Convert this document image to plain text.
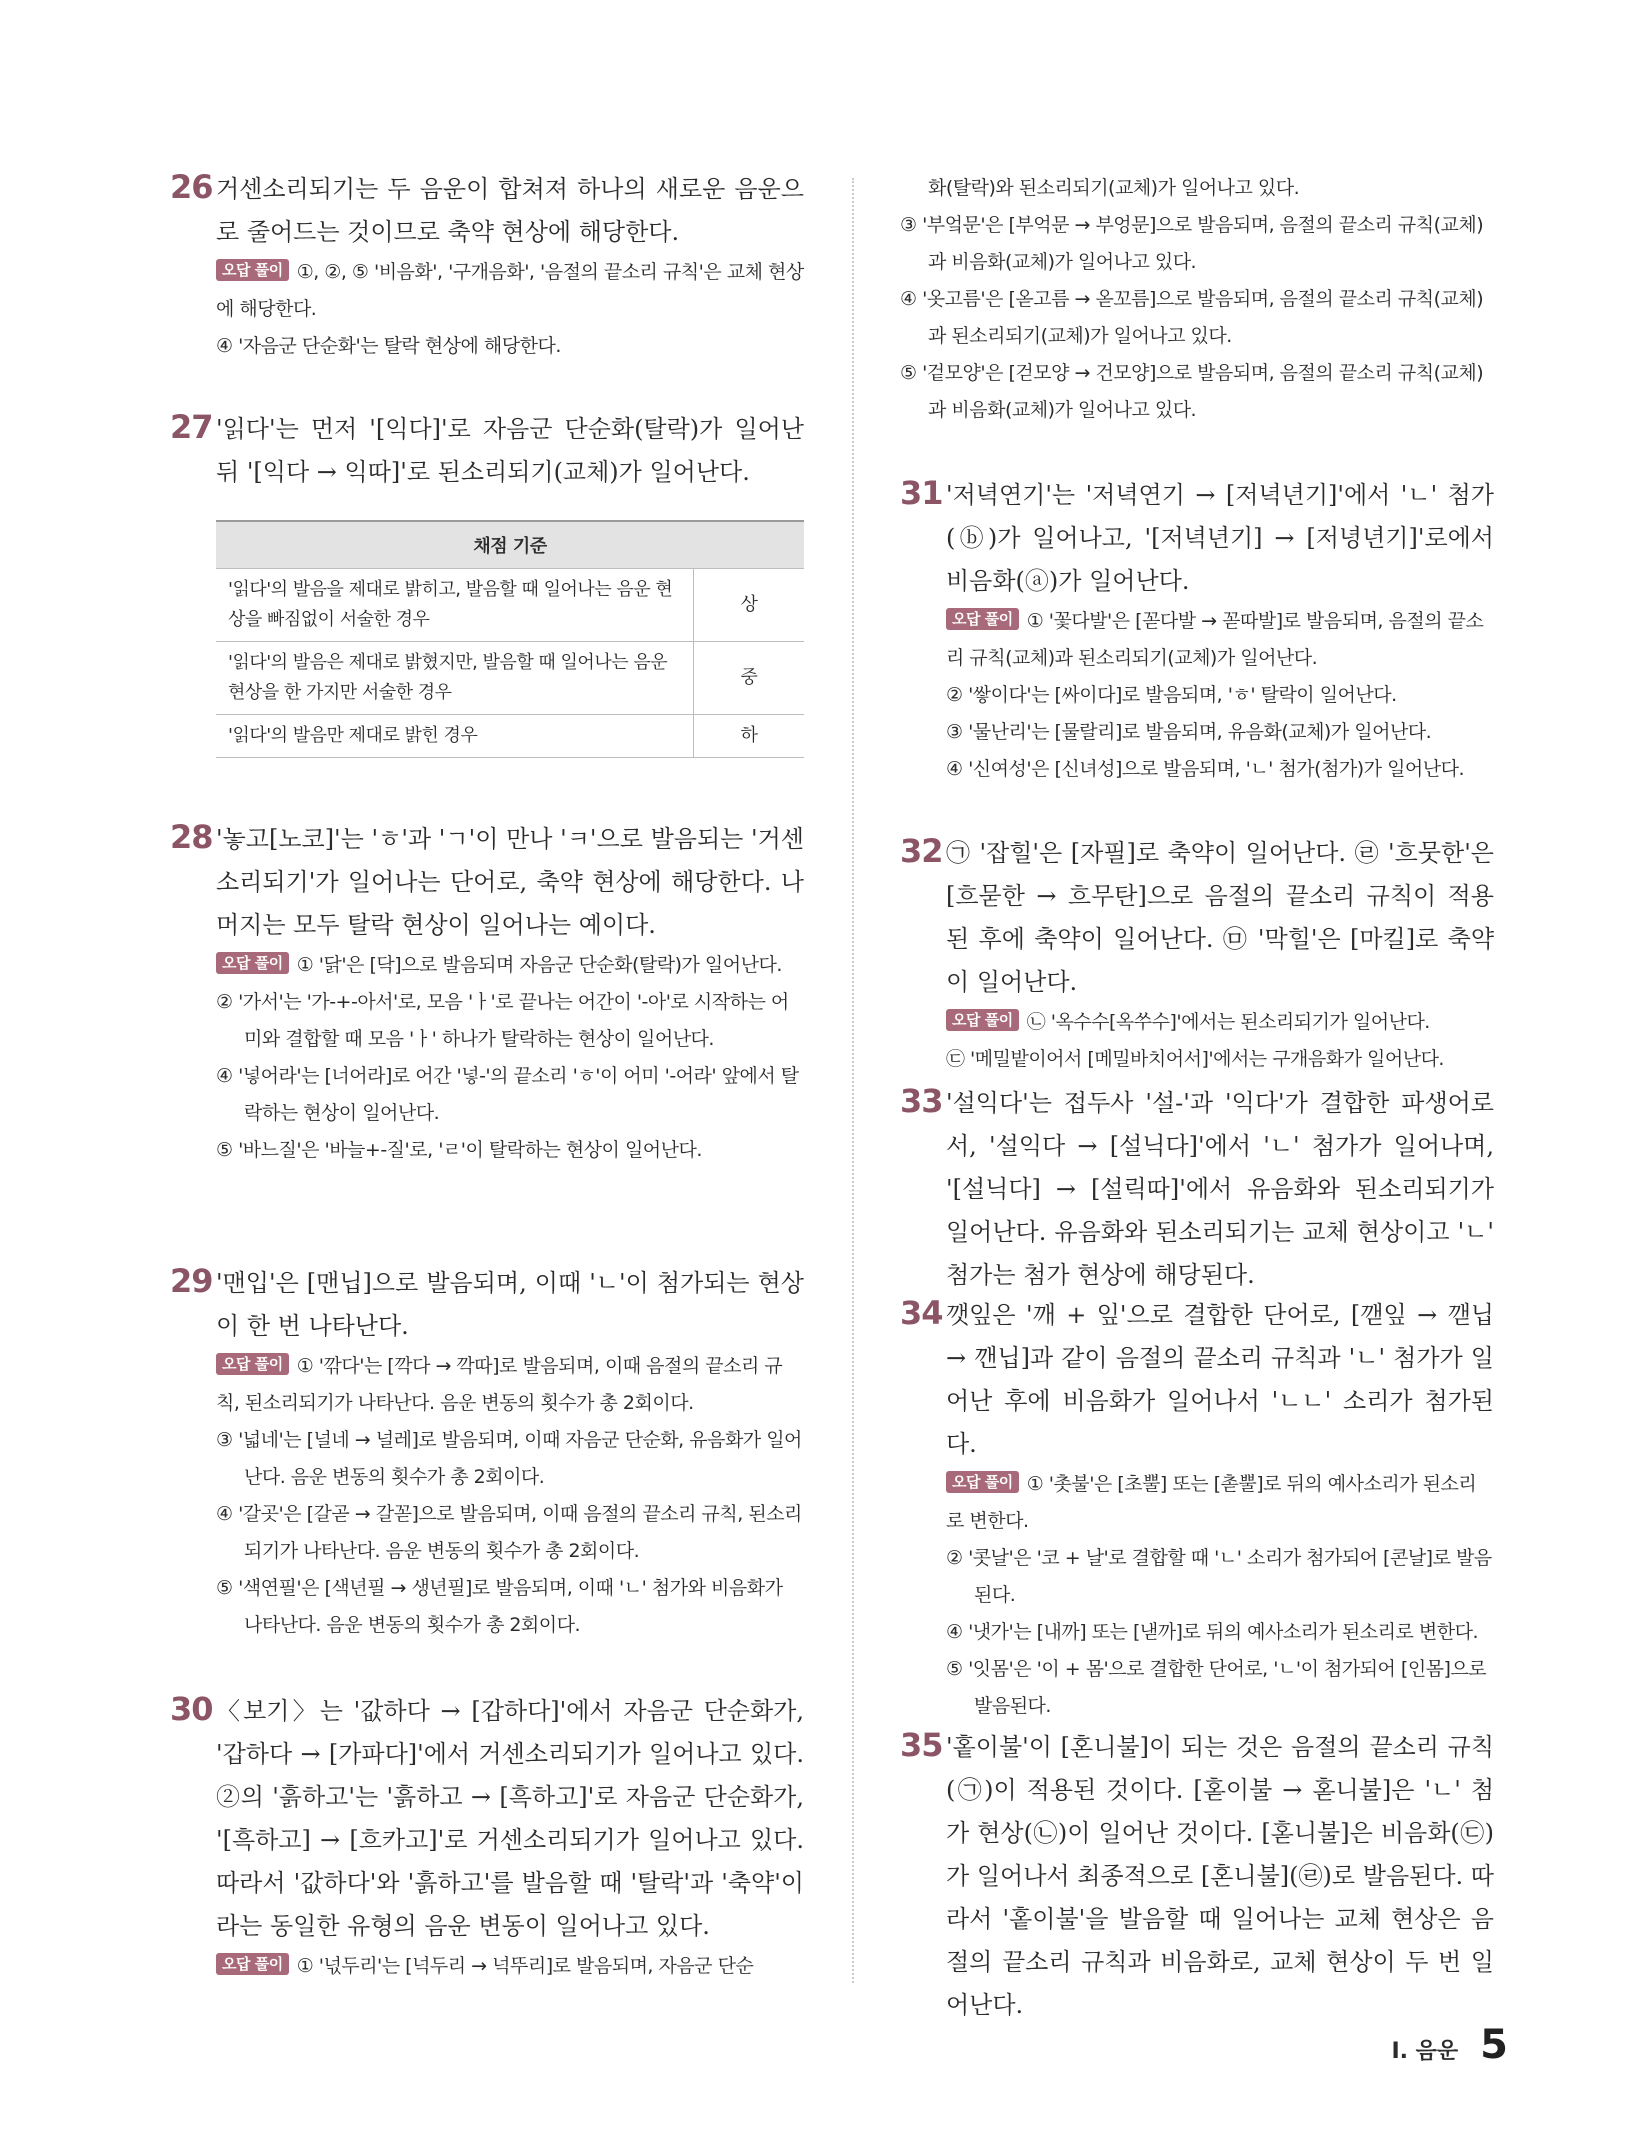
26 거센소리되기는 두 음운이 합쳐져 하나의 새로운 음운으로 줄어드는 것이므로 축약 현상에 해당한다.
오답 풀이 ①, ②, ⑤ '비음화', '구개음화', '음절의 끝소리 규칙'은 교체 현상에 해당한다.
④ '자음군 단순화'는 탈락 현상에 해당한다.
27 '읽다'는 먼저 '[익다]'로 자음군 단순화(탈락)가 일어난 뒤 '[익다 → 익따]'로 된소리되기(교체)가 일어난다.
채점 기준	
'읽다'의 발음을 제대로 밝히고, 발음할 때 일어나는 음운 현상을 빠짐없이 서술한 경우	상
'읽다'의 발음은 제대로 밝혔지만, 발음할 때 일어나는 음운 현상을 한 가지만 서술한 경우	중
'읽다'의 발음만 제대로 밝힌 경우	하
28 '놓고[노코]'는 'ㅎ'과 'ㄱ'이 만나 'ㅋ'으로 발음되는 '거센소리되기'가 일어나는 단어로, 축약 현상에 해당한다. 나머지는 모두 탈락 현상이 일어나는 예이다.
오답 풀이 ① '닭'은 [닥]으로 발음되며 자음군 단순화(탈락)가 일어난다.
② '가서'는 '가-+-아서'로, 모음 'ㅏ'로 끝나는 어간이 '-아'로 시작하는 어미와 결합할 때 모음 'ㅏ' 하나가 탈락하는 현상이 일어난다.
④ '넣어라'는 [너어라]로 어간 '넣-'의 끝소리 'ㅎ'이 어미 '-어라' 앞에서 탈락하는 현상이 일어난다.
⑤ '바느질'은 '바늘+-질'로, 'ㄹ'이 탈락하는 현상이 일어난다.
29 '맨입'은 [맨닙]으로 발음되며, 이때 'ㄴ'이 첨가되는 현상이 한 번 나타난다.
오답 풀이 ① '깎다'는 [깍다 → 깍따]로 발음되며, 이때 음절의 끝소리 규칙, 된소리되기가 나타난다. 음운 변동의 횟수가 총 2회이다.
③ '넓네'는 [널네 → 널레]로 발음되며, 이때 자음군 단순화, 유음화가 일어난다. 음운 변동의 횟수가 총 2회이다.
④ '갈곳'은 [갈곧 → 갈꼳]으로 발음되며, 이때 음절의 끝소리 규칙, 된소리되기가 나타난다. 음운 변동의 횟수가 총 2회이다.
⑤ '색연필'은 [색년필 → 생년필]로 발음되며, 이때 'ㄴ' 첨가와 비음화가 나타난다. 음운 변동의 횟수가 총 2회이다.
30 〈보기〉는 '값하다 → [갑하다]'에서 자음군 단순화가, '갑하다 → [가파다]'에서 거센소리되기가 일어나고 있다. ②의 '흙하고'는 '흙하고 → [흑하고]'로 자음군 단순화가, '[흑하고] → [흐카고]'로 거센소리되기가 일어나고 있다. 따라서 '값하다'와 '흙하고'를 발음할 때 '탈락'과 '축약'이라는 동일한 유형의 음운 변동이 일어나고 있다.
오답 풀이 ① '넋두리'는 [넉두리 → 넉뚜리]로 발음되며, 자음군 단순
화(탈락)와 된소리되기(교체)가 일어나고 있다.
③ '부엌문'은 [부억문 → 부엉문]으로 발음되며, 음절의 끝소리 규칙(교체)과 비음화(교체)가 일어나고 있다.
④ '옷고름'은 [옫고름 → 옫꼬름]으로 발음되며, 음절의 끝소리 규칙(교체)과 된소리되기(교체)가 일어나고 있다.
⑤ '겉모양'은 [걷모양 → 건모양]으로 발음되며, 음절의 끝소리 규칙(교체)과 비음화(교체)가 일어나고 있다.
31 '저녁연기'는 '저녁연기 → [저녁년기]'에서 'ㄴ' 첨가(ⓑ)가 일어나고, '[저녁년기] → [저녕년기]'로에서 비음화(ⓐ)가 일어난다.
오답 풀이 ① '꽃다발'은 [꼳다발 → 꼳따발]로 발음되며, 음절의 끝소리 규칙(교체)과 된소리되기(교체)가 일어난다.
② '쌓이다'는 [싸이다]로 발음되며, 'ㅎ' 탈락이 일어난다.
③ '물난리'는 [물랄리]로 발음되며, 유음화(교체)가 일어난다.
④ '신여성'은 [신녀성]으로 발음되며, 'ㄴ' 첨가(첨가)가 일어난다.
32 ㉠ '잡힐'은 [자필]로 축약이 일어난다. ㉣ '흐뭇한'은 [흐묻한 → 흐무탄]으로 음절의 끝소리 규칙이 적용된 후에 축약이 일어난다. ㉤ '막힐'은 [마킬]로 축약이 일어난다.
오답 풀이 ㉡ '옥수수[옥쑤수]'에서는 된소리되기가 일어난다.
㉢ '메밀밭이어서 [메밀바치어서]'에서는 구개음화가 일어난다.
33 '설익다'는 접두사 '설-'과 '익다'가 결합한 파생어로서, '설익다 → [설닉다]'에서 'ㄴ' 첨가가 일어나며, '[설닉다] → [설릭따]'에서 유음화와 된소리되기가 일어난다. 유음화와 된소리되기는 교체 현상이고 'ㄴ' 첨가는 첨가 현상에 해당된다.
34 깻잎은 '깨 + 잎'으로 결합한 단어로, [깯잎 → 깯닙 → 깬닙]과 같이 음절의 끝소리 규칙과 'ㄴ' 첨가가 일어난 후에 비음화가 일어나서 'ㄴㄴ' 소리가 첨가된다.
오답 풀이 ① '촛불'은 [초뿔] 또는 [촏뿔]로 뒤의 예사소리가 된소리로 변한다.
② '콧날'은 '코 + 날'로 결합할 때 'ㄴ' 소리가 첨가되어 [콘날]로 발음된다.
④ '냇가'는 [내까] 또는 [낻까]로 뒤의 예사소리가 된소리로 변한다.
⑤ '잇몸'은 '이 + 몸'으로 결합한 단어로, 'ㄴ'이 첨가되어 [인몸]으로 발음된다.
35 '홑이불'이 [혼니불]이 되는 것은 음절의 끝소리 규칙(㉠)이 적용된 것이다. [혿이불 → 혿니불]은 'ㄴ' 첨가 현상(㉡)이 일어난 것이다. [혿니불]은 비음화(㉢)가 일어나서 최종적으로 [혼니불](㉣)로 발음된다. 따라서 '홑이불'을 발음할 때 일어나는 교체 현상은 음절의 끝소리 규칙과 비음화로, 교체 현상이 두 번 일어난다.
Ⅰ. 음운 5
